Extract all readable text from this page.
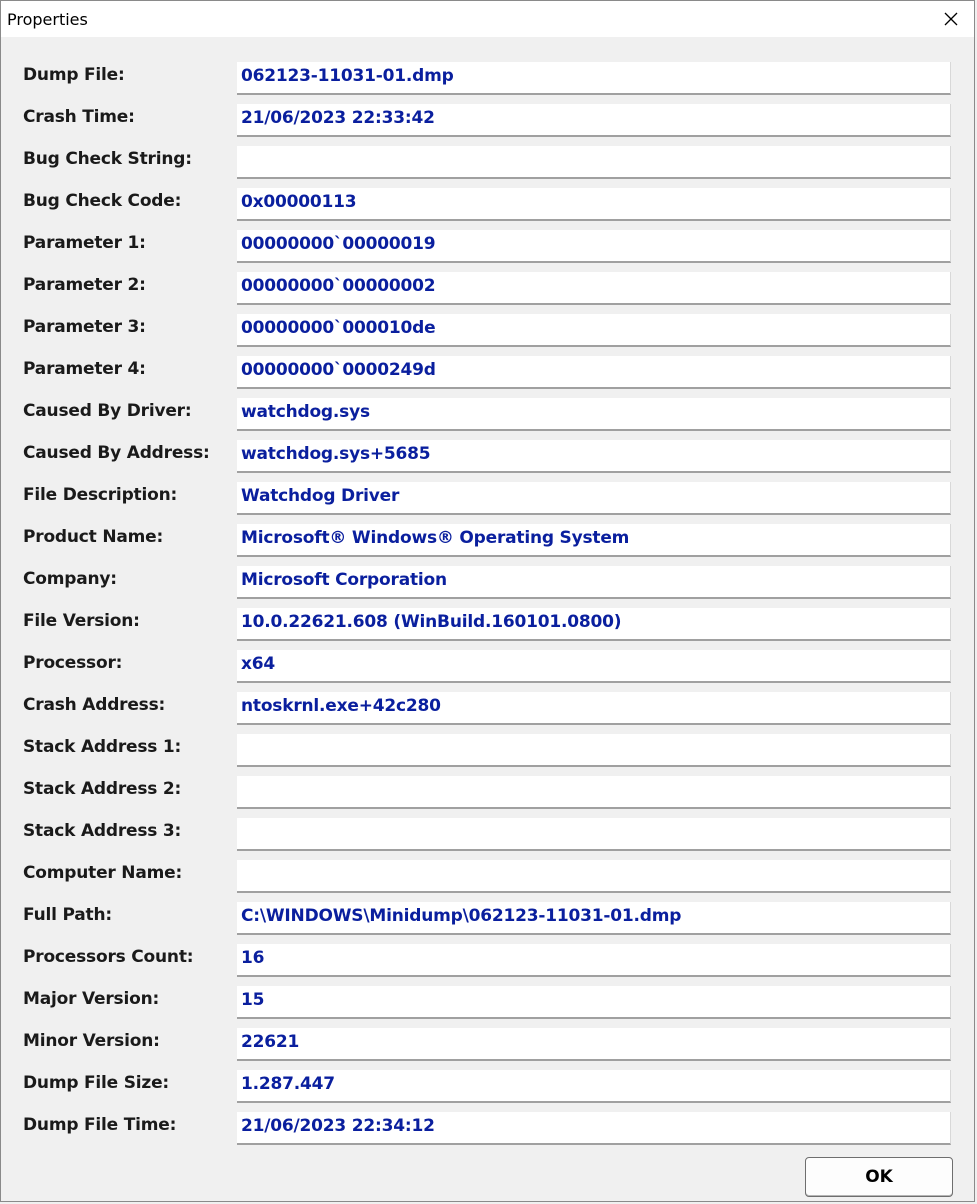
Properties
Dump File:	062123-11031-01.dmp
Crash Time:	21/06/2023 22:33:42
Bug Check String:
Bug Check Code:	0x00000113
Parameter 1:	00000000`00000019
Parameter 2:	00000000`00000002
Parameter 3:	00000000`000010de
Parameter 4:	00000000`0000249d
Caused By Driver:	watchdog.sys
Caused By Address: watchdog.sys+5685
File Description:	Watchdog Driver
Product Name:	Microsoft® Windows® Operating System
Company:	Microsoft Corporation
File Version:	10.0.22621.608 (WinBuild.160101.0800)
Processor:	x64
Crash Address:	ntoskrnl.exe+42c280
Stack Address 1:
Stack Address 2:
Stack Address 3:
Computer Name:
Full Path:	C:\WINDOWS\Minidump\062123-11031-01.dmp
Processors Count:	16
Major Version:	15
Minor Version:	22621
Dump File Size:	1.287.447
Dump File Time:	21/06/2023 22:34:12
OK
